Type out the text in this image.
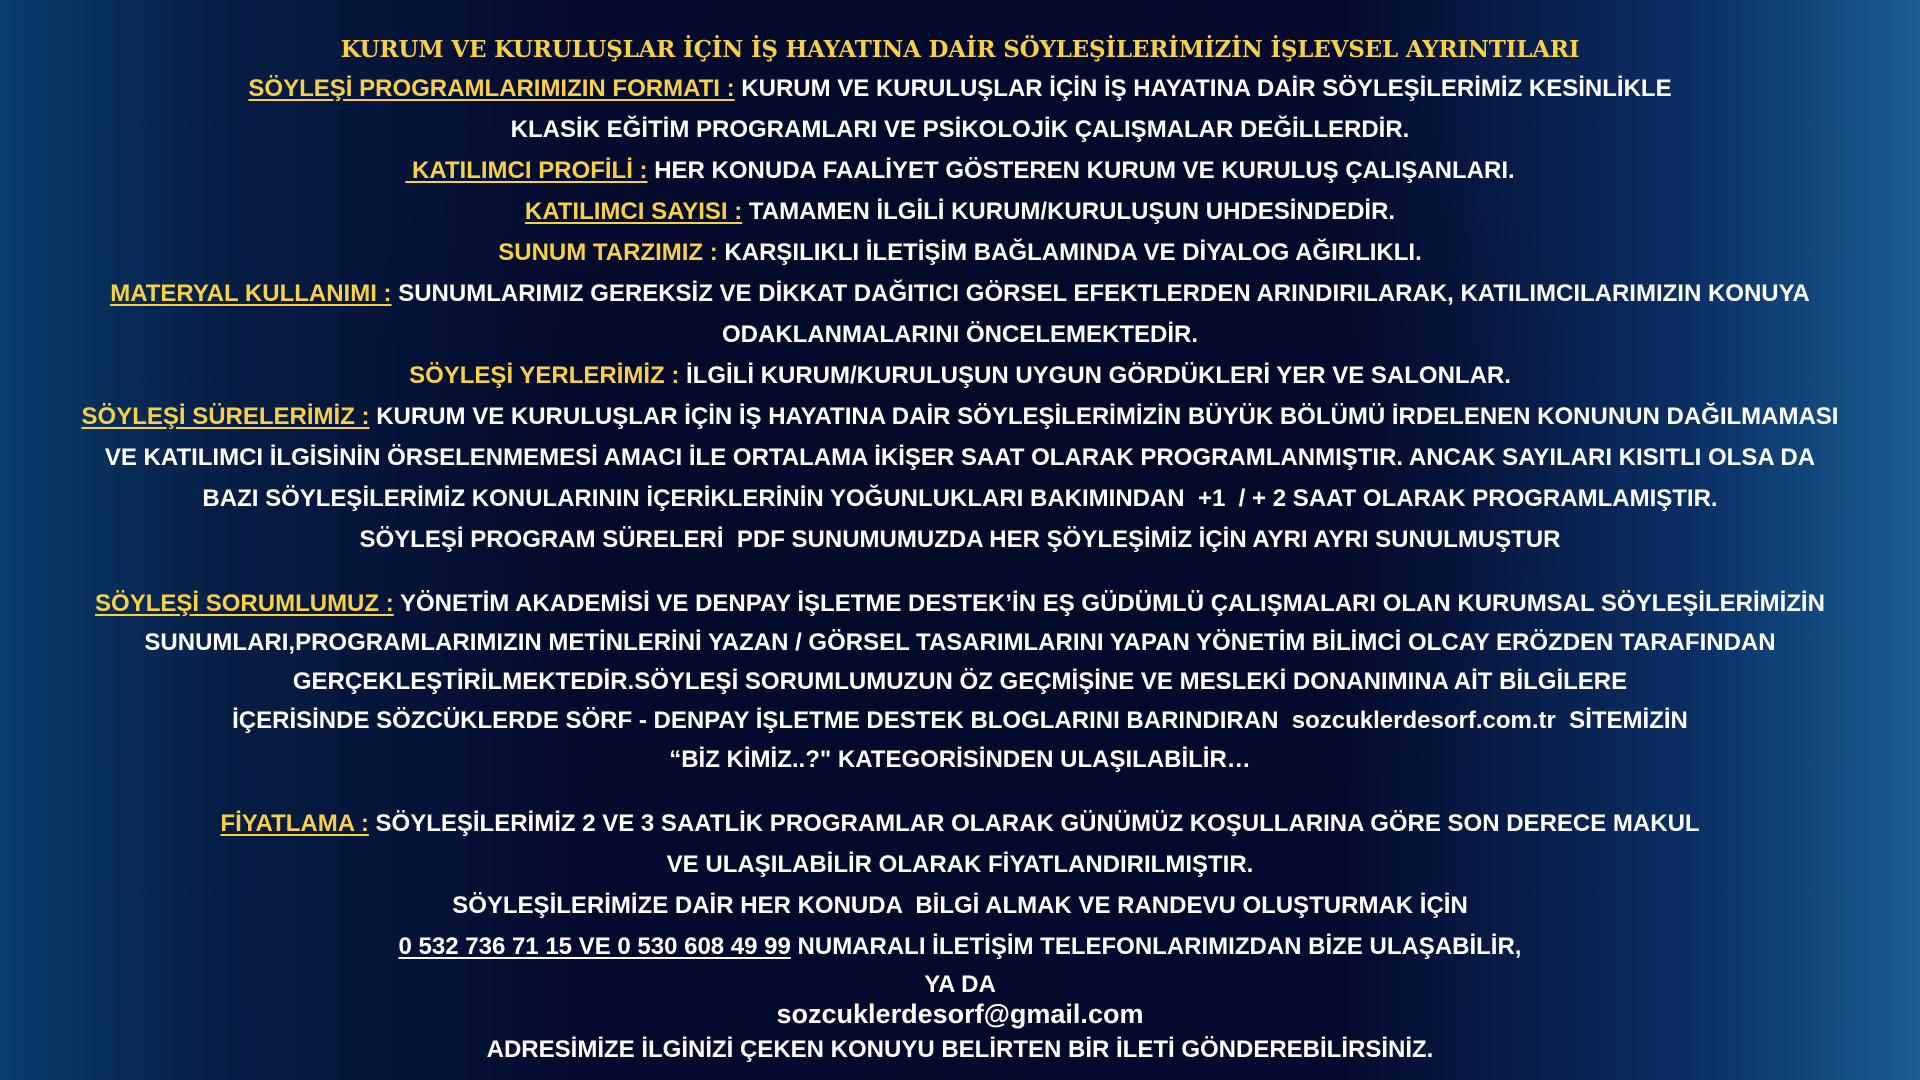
KURUM VE KURULUŞLAR İÇİN İŞ HAYATINA DAİR SÖYLEŞİLERİMİZİN İŞLEVSEL AYRINTILARI

SÖYLEŞİ PROGRAMLARIMIZIN FORMATI : KURUM VE KURULUŞLAR İÇİN İŞ HAYATINA DAİR SÖYLEŞİLERİMİZ KESİNLİKLE

KLASİK EĞİTİM PROGRAMLARI VE PSİKOLOJİK ÇALIŞMALAR DEĞİLLERDİR.

KATILIMCI PROFİLİ : HER KONUDA FAALİYET GÖSTEREN KURUM VE KURULUŞ ÇALIŞANLARI.

KATILIMCI SAYISI : TAMAMEN İLGİLİ KURUM/KURULUŞUN UHDESİNDEDİR.

SUNUM TARZIMIZ : KARŞILIKLI İLETİŞİM BAĞLAMINDA VE DİYALOG AĞIRLIKLI.

MATERYAL KULLANIMI : SUNUMLARIMIZ GEREKSİZ VE DİKKAT DAĞITICI GÖRSEL EFEKTLERDEN ARINDIRILARAK, KATILIMCILARIMIZIN KONUYA

ODAKLANMALARINI ÖNCELEMEKTEDİR.

SÖYLEŞİ YERLERİMİZ : İLGİLİ KURUM/KURULUŞUN UYGUN GÖRDÜKLERİ YER VE SALONLAR.

SÖYLEŞİ SÜRELERİMİZ : KURUM VE KURULUŞLAR İÇİN İŞ HAYATINA DAİR SÖYLEŞİLERİMİZİN BÜYÜK BÖLÜMÜ İRDELENEN KONUNUN DAĞILMAMASI

VE KATILIMCI İLGİSİNİN ÖRSELENMEMESİ AMACI İLE ORTALAMA İKİŞER SAAT OLARAK PROGRAMLANMIŞTIR. ANCAK SAYILARI KISITLI OLSA DA

BAZI SÖYLEŞİLERİMİZ KONULARININ İÇERİKLERİNİN YOĞUNLUKLARI BAKIMINDAN  +1  / + 2 SAAT OLARAK PROGRAMLAMIŞTIR.

SÖYLEŞİ PROGRAM SÜRELERİ  PDF SUNUMUMUZDA HER ŞÖYLEŞİMİZ İÇİN AYRI AYRI SUNULMUŞTUR

SÖYLEŞİ SORUMLUMUZ : YÖNETİM AKADEMİSİ VE DENPAY İŞLETME DESTEK’İN EŞ GÜDÜMLÜ ÇALIŞMALARI OLAN KURUMSAL SÖYLEŞİLERİMİZİN

SUNUMLARI,PROGRAMLARIMIZIN METİNLERİNİ YAZAN / GÖRSEL TASARIMLARINI YAPAN YÖNETİM BİLİMCİ OLCAY ERÖZDEN TARAFINDAN

GERÇEKLEŞTİRİLMEKTEDİR.SÖYLEŞİ SORUMLUMUZUN ÖZ GEÇMİŞİNE VE MESLEKİ DONANIMINA AİT BİLGİLERE

İÇERİSİNDE SÖZCÜKLERDE SÖRF - DENPAY İŞLETME DESTEK BLOGLARINI BARINDIRAN  sozcuklerdesorf.com.tr  SİTEMİZİN

“BİZ KİMİZ..?" KATEGORİSİNDEN ULAŞILABİLİR…

FİYATLAMA : SÖYLEŞİLERİMİZ 2 VE 3 SAATLİK PROGRAMLAR OLARAK GÜNÜMÜZ KOŞULLARINA GÖRE SON DERECE MAKUL

VE ULAŞILABİLİR OLARAK FİYATLANDIRILMIŞTIR.

SÖYLEŞİLERİMİZE DAİR HER KONUDA  BİLGİ ALMAK VE RANDEVU OLUŞTURMAK İÇİN

0 532 736 71 15 VE 0 530 608 49 99 NUMARALI İLETİŞİM TELEFONLARIMIZDAN BİZE ULAŞABİLİR,

YA DA

sozcuklerdesorf@gmail.com

ADRESİMİZE İLGİNİZİ ÇEKEN KONUYU BELİRTEN BİR İLETİ GÖNDEREBİLİRSİNİZ.
